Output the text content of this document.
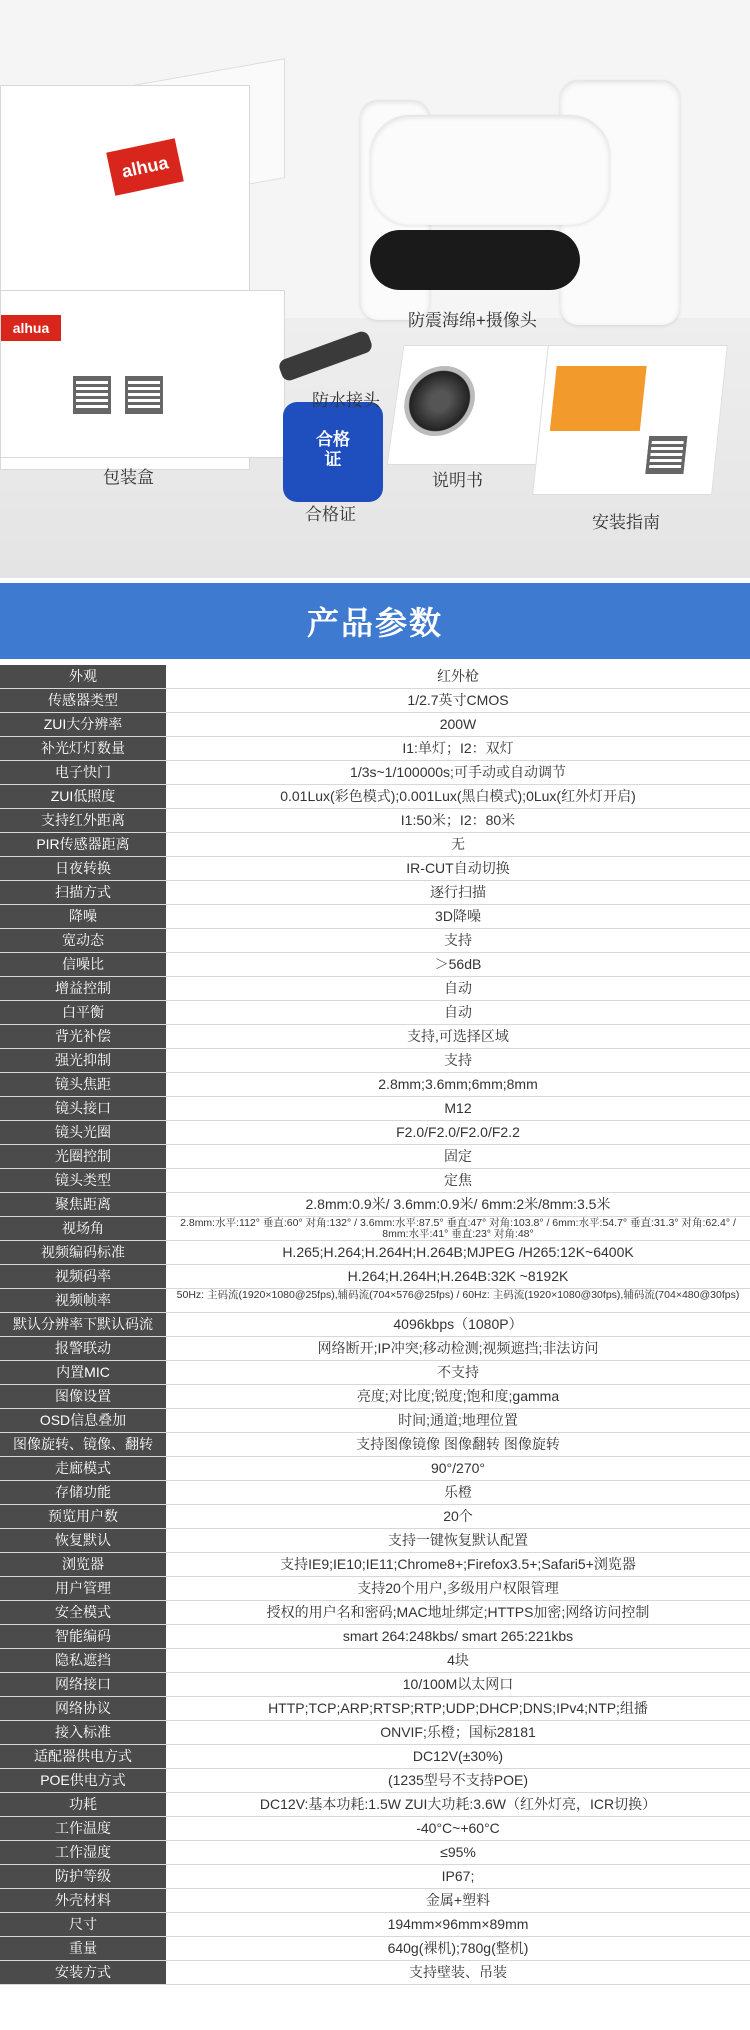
alhua
alhua
合格
证
防震海绵+摄像头
防水接头
包装盒
合格证
说明书
安装指南
产品参数
外观	红外枪
传感器类型	1/2.7英寸CMOS
ZUI大分辨率	200W
补光灯灯数量	I1:单灯；I2：双灯
电子快门	1/3s~1/100000s;可手动或自动调节
ZUI低照度	0.01Lux(彩色模式);0.001Lux(黑白模式);0Lux(红外灯开启)
支持红外距离	I1:50米；I2：80米
PIR传感器距离	无
日夜转换	IR-CUT自动切换
扫描方式	逐行扫描
降噪	3D降噪
宽动态	支持
信噪比	＞56dB
增益控制	自动
白平衡	自动
背光补偿	支持,可选择区域
强光抑制	支持
镜头焦距	2.8mm;3.6mm;6mm;8mm
镜头接口	M12
镜头光圈	F2.0/F2.0/F2.0/F2.2
光圈控制	固定
镜头类型	定焦
聚焦距离	2.8mm:0.9米/ 3.6mm:0.9米/ 6mm:2米/8mm:3.5米
视场角	2.8mm:水平:112° 垂直:60° 对角:132° / 3.6mm:水平:87.5° 垂直:47° 对角:103.8° / 6mm:水平:54.7° 垂直:31.3° 对角:62.4° / 8mm:水平:41° 垂直:23° 对角:48°
视频编码标准	H.265;H.264;H.264H;H.264B;MJPEG /H265:12K~6400K
视频码率	H.264;H.264H;H.264B:32K ~8192K
视频帧率	50Hz: 主码流(1920×1080@25fps),辅码流(704×576@25fps) / 60Hz: 主码流(1920×1080@30fps),辅码流(704×480@30fps)
默认分辨率下默认码流	4096kbps（1080P）
报警联动	网络断开;IP冲突;移动检测;视频遮挡;非法访问
内置MIC	不支持
图像设置	亮度;对比度;锐度;饱和度;gamma
OSD信息叠加	时间;通道;地理位置
图像旋转、镜像、翻转	支持图像镜像 图像翻转 图像旋转
走廊模式	90°/270°
存储功能	乐橙
预览用户数	20个
恢复默认	支持一键恢复默认配置
浏览器	支持IE9;IE10;IE11;Chrome8+;Firefox3.5+;Safari5+浏览器
用户管理	支持20个用户,多级用户权限管理
安全模式	授权的用户名和密码;MAC地址绑定;HTTPS加密;网络访问控制
智能编码	smart 264:248kbs/ smart 265:221kbs
隐私遮挡	4块
网络接口	10/100M以太网口
网络协议	HTTP;TCP;ARP;RTSP;RTP;UDP;DHCP;DNS;IPv4;NTP;组播
接入标准	ONVIF;乐橙；国标28181
适配器供电方式	DC12V(±30%)
POE供电方式	(1235型号不支持POE)
功耗	DC12V:基本功耗:1.5W ZUI大功耗:3.6W（红外灯亮，ICR切换）
工作温度	-40°C~+60°C
工作湿度	≤95%
防护等级	IP67;
外壳材料	金属+塑料
尺寸	194mm×96mm×89mm
重量	640g(裸机);780g(整机)
安装方式	支持壁装、吊装
